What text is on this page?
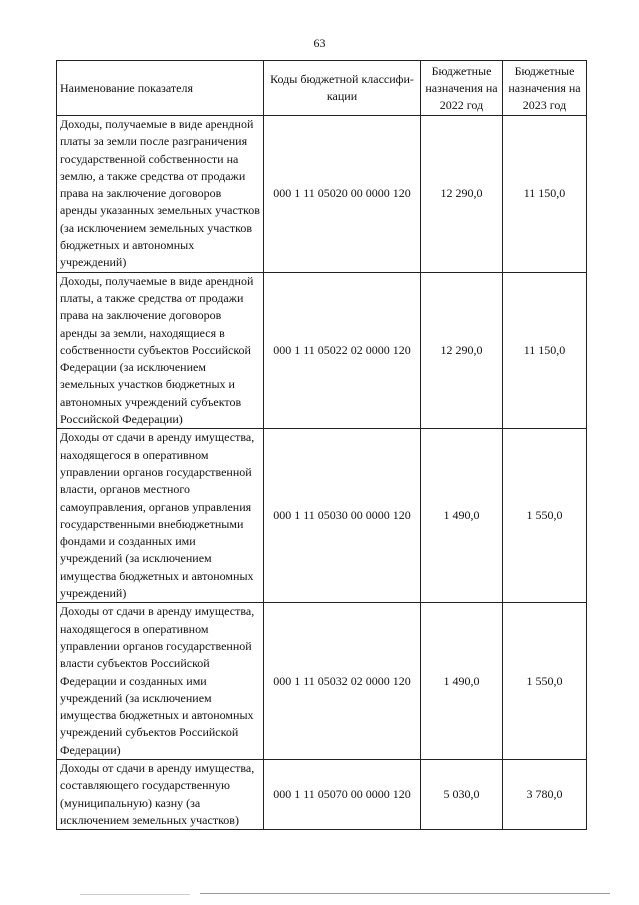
63
Наименование показателя	Коды бюджетной классифи-кации	Бюджетные назначения на 2022 год	Бюджетные назначения на 2023 год
Доходы, получаемые в виде арендной платы за земли после разграничения государственной собственности на землю, а также средства от продажи права на заключение договоров аренды указанных земельных участков (за исключением земельных участков бюджетных и автономных учреждений)	000 1 11 05020 00 0000 120	12 290,0	11 150,0
Доходы, получаемые в виде арендной платы, а также средства от продажи права на заключение договоров аренды за земли, находящиеся в собственности субъектов Российской Федерации (за исключением земельных участков бюджетных и автономных учреждений субъектов Российской Федерации)	000 1 11 05022 02 0000 120	12 290,0	11 150,0
Доходы от сдачи в аренду имущества, находящегося в оперативном управлении органов государственной власти, органов местного самоуправления, органов управления государственными внебюджетными фондами и созданных ими учреждений (за исключением имущества бюджетных и автономных учреждений)	000 1 11 05030 00 0000 120	1 490,0	1 550,0
Доходы от сдачи в аренду имущества, находящегося в оперативном управлении органов государственной власти субъектов Российской Федерации и созданных ими учреждений (за исключением имущества бюджетных и автономных учреждений субъектов Российской Федерации)	000 1 11 05032 02 0000 120	1 490,0	1 550,0
Доходы от сдачи в аренду имущества, составляющего государственную (муниципальную) казну (за исключением земельных участков)	000 1 11 05070 00 0000 120	5 030,0	3 780,0
